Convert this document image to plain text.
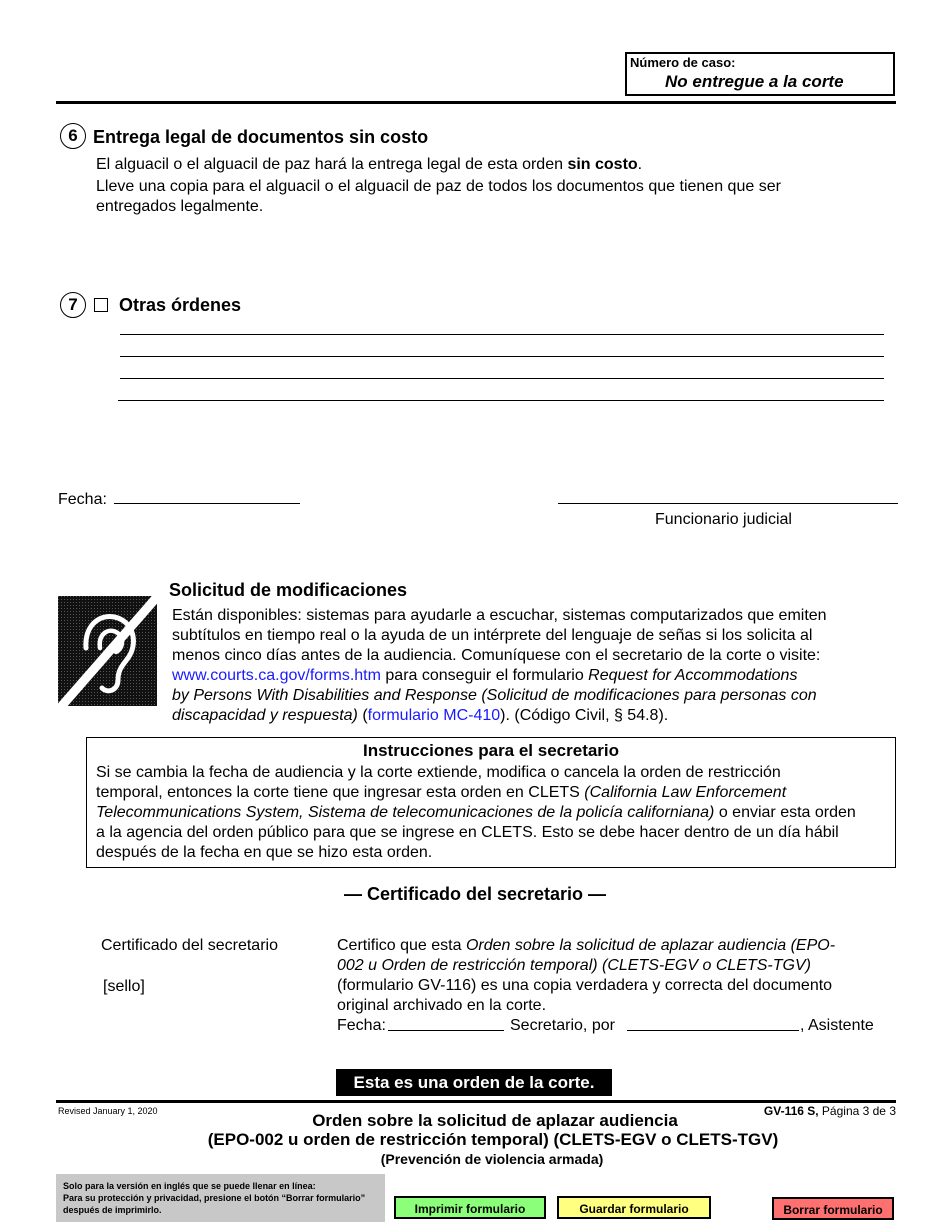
Número de caso:
No entregue a la corte
6 Entrega legal de documentos sin costo
El alguacil o el alguacil de paz hará la entrega legal de esta orden sin costo.
Lleve una copia para el alguacil o el alguacil de paz de todos los documentos que tienen que ser
entregados legalmente.
7	Otras órdenes
Fecha:
Funcionario judicial
Solicitud de modificaciones
Están disponibles: sistemas para ayudarle a escuchar, sistemas computarizados que emiten
subtítulos en tiempo real o la ayuda de un intérprete del lenguaje de señas si los solicita al
menos cinco días antes de la audiencia. Comuníquese con el secretario de la corte o visite:
www.courts.ca.gov/forms.htm para conseguir el formulario Request for Accommodations
by Persons With Disabilities and Response (Solicitud de modificaciones para personas con
discapacidad y respuesta) (formulario MC-410). (Código Civil, § 54.8).
Instrucciones para el secretario
Si se cambia la fecha de audiencia y la corte extiende, modifica o cancela la orden de restricción
temporal, entonces la corte tiene que ingresar esta orden en CLETS (California Law Enforcement
Telecommunications System, Sistema de telecomunicaciones de la policía californiana) o enviar esta orden
a la agencia del orden público para que se ingrese en CLETS. Esto se debe hacer dentro de un día hábil
después de la fecha en que se hizo esta orden.
— Certificado del secretario —
Certificado del secretario
[sello]
Certifico que esta Orden sobre la solicitud de aplazar audiencia (EPO-
002 u Orden de restricción temporal) (CLETS-EGV o CLETS-TGV)
(formulario GV-116) es una copia verdadera y correcta del documento
original archivado en la corte.
Fecha:	Secretario, por	, Asistente
Esta es una orden de la corte.
Revised January 1, 2020	GV-116 S, Página 3 de 3
Orden sobre la solicitud de aplazar audiencia
(EPO-002 u orden de restricción temporal) (CLETS-EGV o CLETS-TGV)
(Prevención de violencia armada)
Solo para la versión en inglés que se puede llenar en línea:
Para su protección y privacidad, presione el botón “Borrar formulario”
después de imprimirlo.	Imprimir formulario	Guardar formulario	Borrar formulario
